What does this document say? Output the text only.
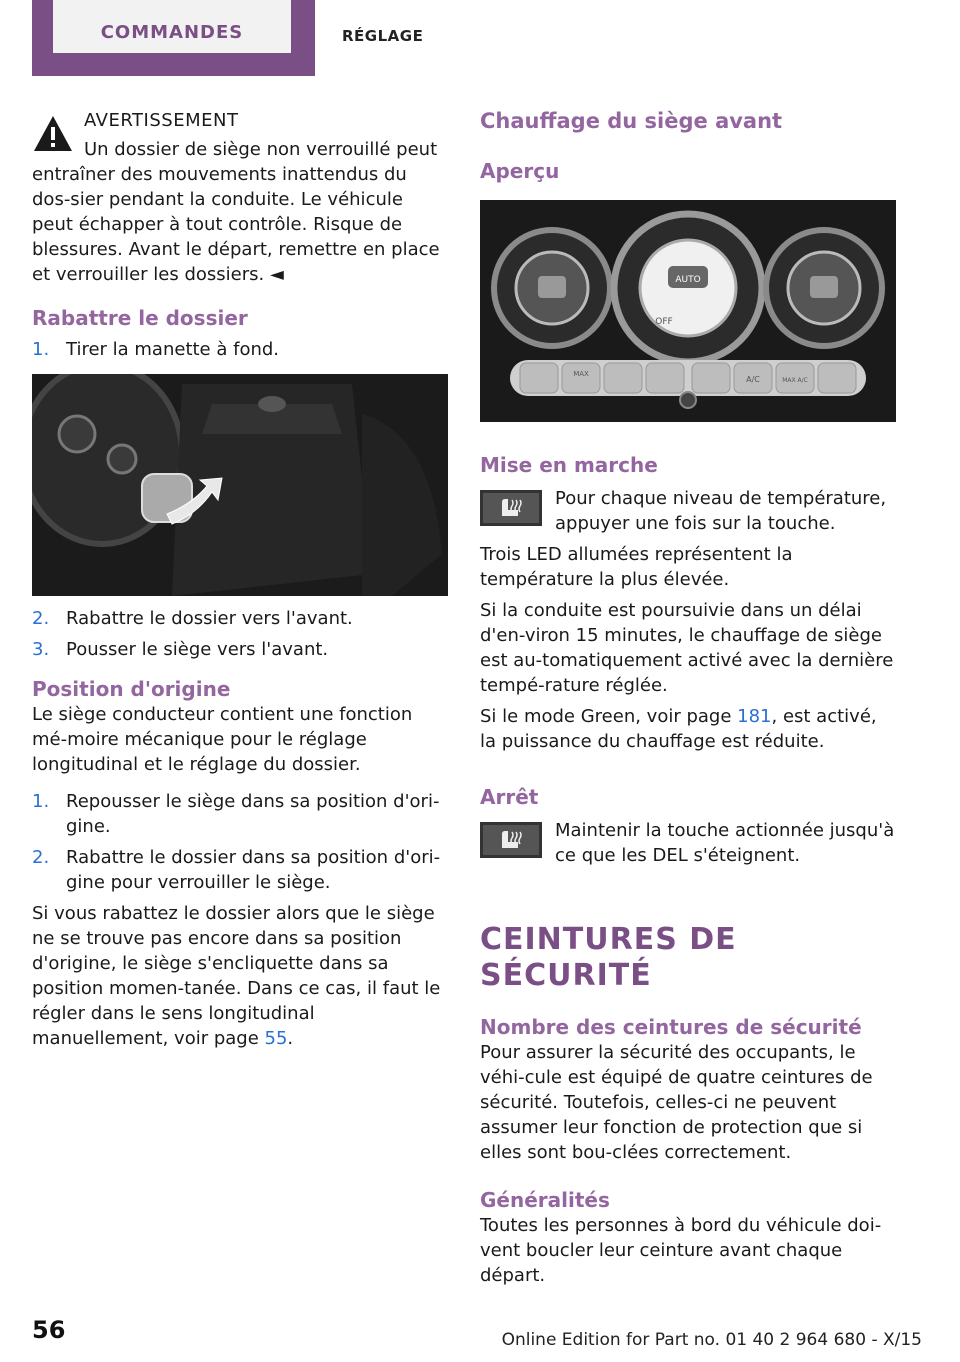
COMMANDES	RÉGLAGE

AVERTISSEMENT

Un dossier de siège non verrouillé peut entraîner des mouvements inattendus du dos-sier pendant la conduite. Le véhicule peut échapper à tout contrôle. Risque de blessures. Avant le départ, remettre en place et verrouiller les dossiers. ◄

Rabattre le dossier
1. Tirer la manette à fond.
2. Rabattre le dossier vers l'avant.
3. Pousser le siège vers l'avant.
Position d'origine

Le siège conducteur contient une fonction mé-moire mécanique pour le réglage longitudinal et le réglage du dossier.

1. Repousser le siège dans sa position d'ori-gine.
2. Rabattre le dossier dans sa position d'ori-gine pour verrouiller le siège.

Si vous rabattez le dossier alors que le siège ne se trouve pas encore dans sa position d'origine, le siège s'encliquette dans sa position momen-tanée. Dans ce cas, il faut le régler dans le sens longitudinal manuellement, voir page 55.

Chauffage du siège avant
Aperçu
AUTO
OFF
MAX
A/C	MAX A/C
Mise en marche

Pour chaque niveau de température, appuyer une fois sur la touche.

Trois LED allumées représentent la température la plus élevée.

Si la conduite est poursuivie dans un délai d'en-viron 15 minutes, le chauffage de siège est au-tomatiquement activé avec la dernière tempé-rature réglée.

Si le mode Green, voir page 181, est activé, la puissance du chauffage est réduite.

Arrêt

Maintenir la touche actionnée jusqu'à ce que les DEL s'éteignent.

CEINTURES DE SÉCURITÉ
Nombre des ceintures de sécurité

Pour assurer la sécurité des occupants, le véhi-cule est équipé de quatre ceintures de sécurité. Toutefois, celles-ci ne peuvent assumer leur fonction de protection que si elles sont bou-clées correctement.

Généralités

Toutes les personnes à bord du véhicule doi-vent boucler leur ceinture avant chaque départ.

56	Online Edition for Part no. 01 40 2 964 680 - X/15
